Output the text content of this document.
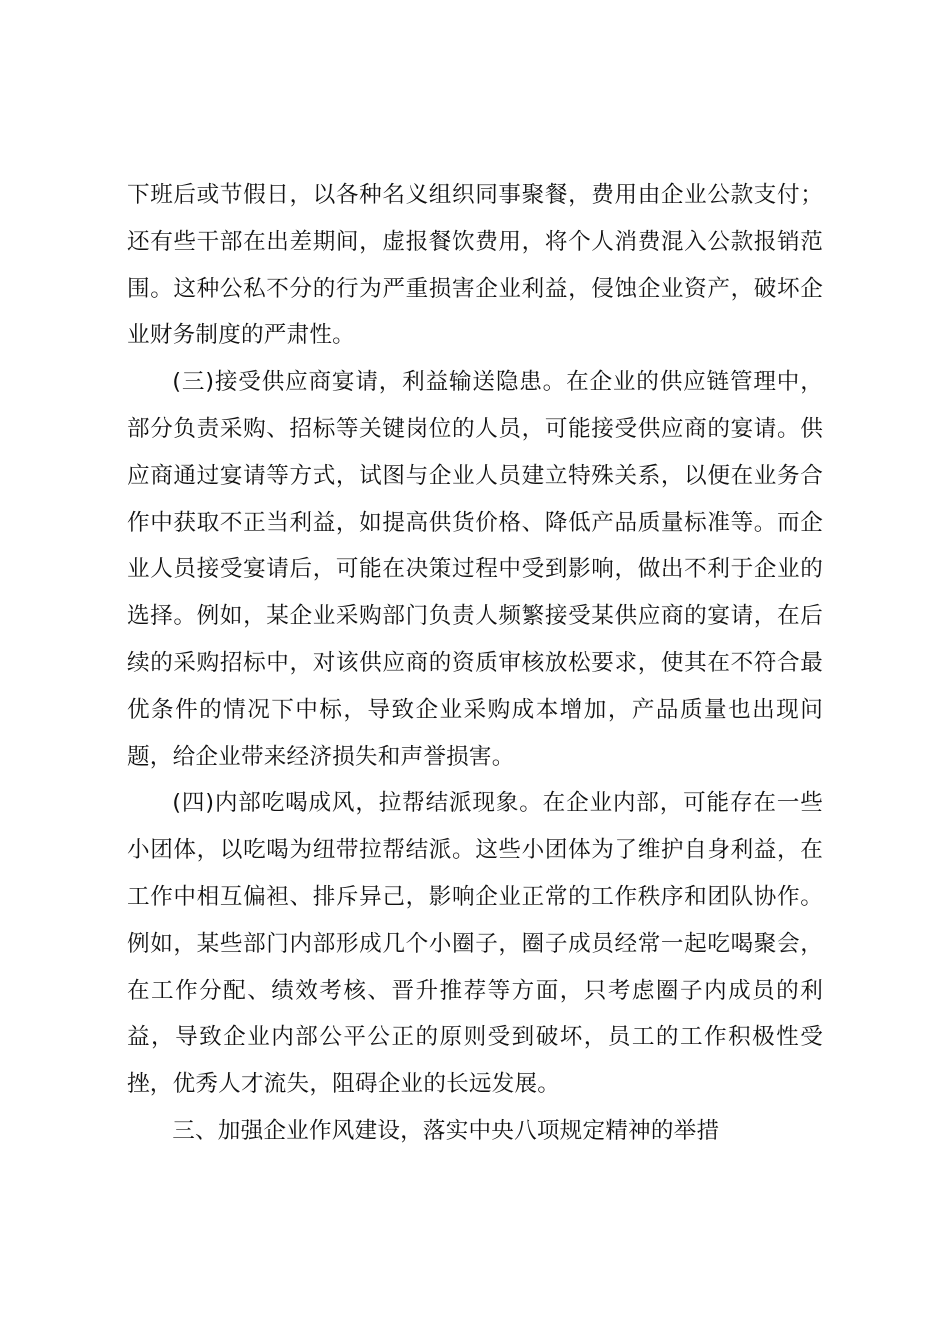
下班后或节假日，以各种名义组织同事聚餐，费用由企业公款支付；还有些干部在出差期间，虚报餐饮费用，将个人消费混入公款报销范围。这种公私不分的行为严重损害企业利益，侵蚀企业资产，破坏企业财务制度的严肃性。

(三)接受供应商宴请，利益输送隐患。在企业的供应链管理中，部分负责采购、招标等关键岗位的人员，可能接受供应商的宴请。供应商通过宴请等方式，试图与企业人员建立特殊关系，以便在业务合作中获取不正当利益，如提高供货价格、降低产品质量标准等。而企业人员接受宴请后，可能在决策过程中受到影响，做出不利于企业的选择。例如，某企业采购部门负责人频繁接受某供应商的宴请，在后续的采购招标中，对该供应商的资质审核放松要求，使其在不符合最优条件的情况下中标，导致企业采购成本增加，产品质量也出现问题，给企业带来经济损失和声誉损害。

(四)内部吃喝成风，拉帮结派现象。在企业内部，可能存在一些小团体，以吃喝为纽带拉帮结派。这些小团体为了维护自身利益，在工作中相互偏袒、排斥异己，影响企业正常的工作秩序和团队协作。例如，某些部门内部形成几个小圈子，圈子成员经常一起吃喝聚会，在工作分配、绩效考核、晋升推荐等方面，只考虑圈子内成员的利益，导致企业内部公平公正的原则受到破坏，员工的工作积极性受挫，优秀人才流失，阻碍企业的长远发展。

三、加强企业作风建设，落实中央八项规定精神的举措
